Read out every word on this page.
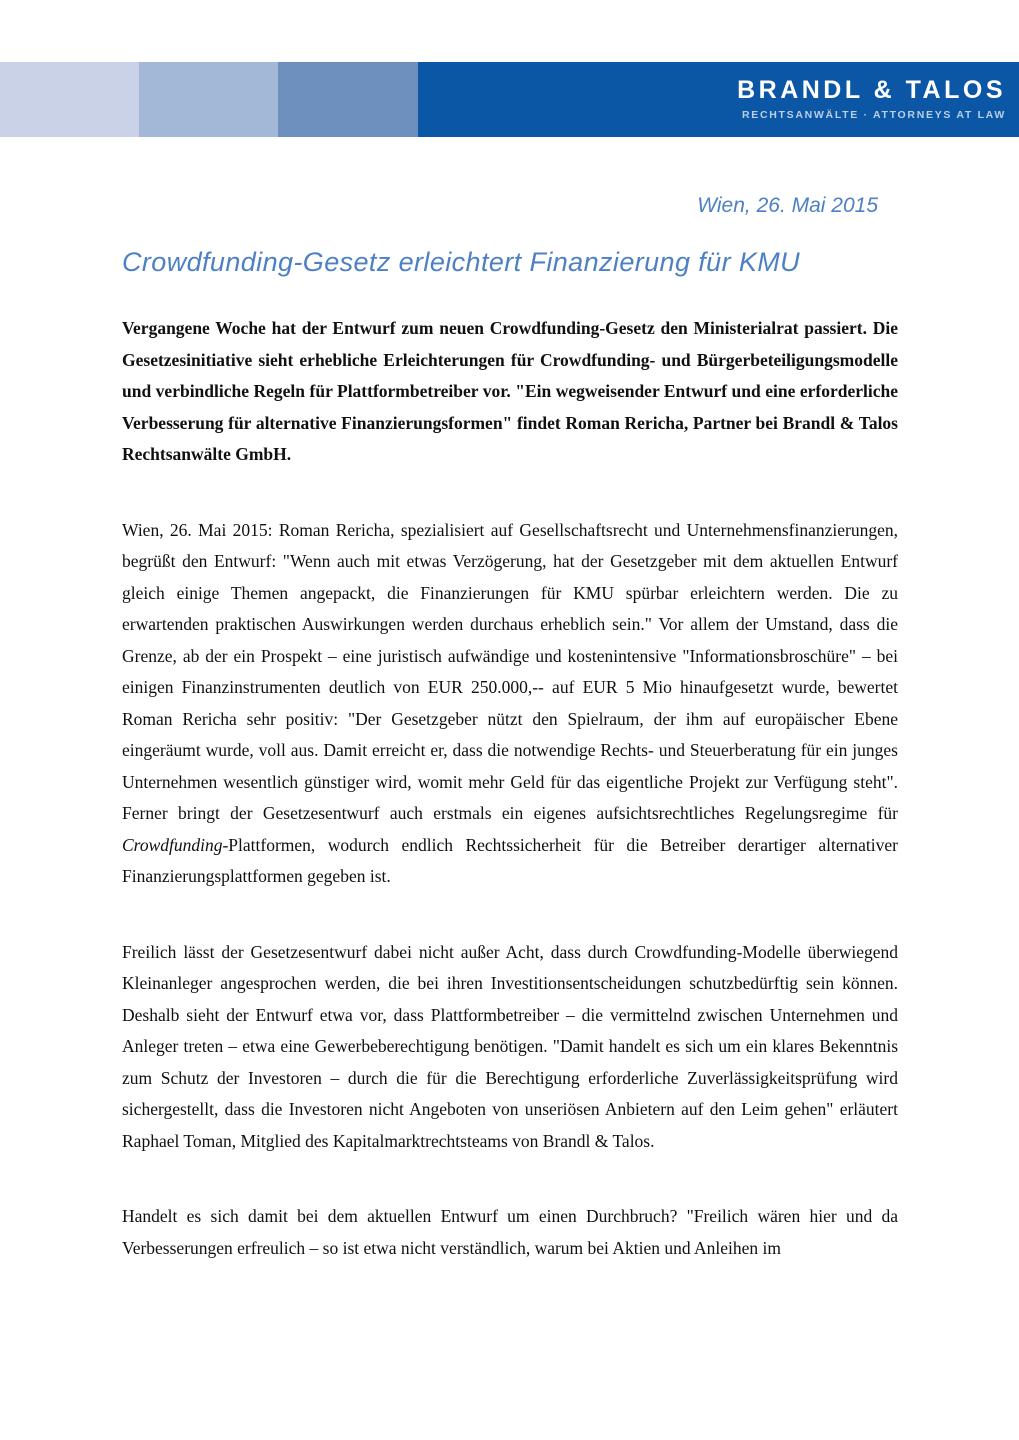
BRANDL & TALOS
RECHTSANWÄLTE · ATTORNEYS AT LAW
Wien, 26. Mai 2015
Crowdfunding-Gesetz erleichtert Finanzierung für KMU

Vergangene Woche hat der Entwurf zum neuen Crowdfunding-Gesetz den Ministerialrat passiert. Die Gesetzesinitiative sieht erhebliche Erleichterungen für Crowdfunding- und Bürgerbeteiligungsmodelle und verbindliche Regeln für Plattformbetreiber vor. "Ein wegweisender Entwurf und eine erforderliche Verbesserung für alternative Finanzierungsformen" findet Roman Rericha, Partner bei Brandl & Talos Rechtsanwälte GmbH.

Wien, 26. Mai 2015: Roman Rericha, spezialisiert auf Gesellschaftsrecht und Unternehmensfinanzierungen, begrüßt den Entwurf: "Wenn auch mit etwas Verzögerung, hat der Gesetzgeber mit dem aktuellen Entwurf gleich einige Themen angepackt, die Finanzierungen für KMU spürbar erleichtern werden. Die zu erwartenden praktischen Auswirkungen werden durchaus erheblich sein." Vor allem der Umstand, dass die Grenze, ab der ein Prospekt – eine juristisch aufwändige und kostenintensive "Informationsbroschüre" – bei einigen Finanzinstrumenten deutlich von EUR 250.000,-- auf EUR 5 Mio hinaufgesetzt wurde, bewertet Roman Rericha sehr positiv: "Der Gesetzgeber nützt den Spielraum, der ihm auf europäischer Ebene eingeräumt wurde, voll aus. Damit erreicht er, dass die notwendige Rechts- und Steuerberatung für ein junges Unternehmen wesentlich günstiger wird, womit mehr Geld für das eigentliche Projekt zur Verfügung steht". Ferner bringt der Gesetzesentwurf auch erstmals ein eigenes aufsichtsrechtliches Regelungsregime für Crowdfunding-Plattformen, wodurch endlich Rechtssicherheit für die Betreiber derartiger alternativer Finanzierungsplattformen gegeben ist.

Freilich lässt der Gesetzesentwurf dabei nicht außer Acht, dass durch Crowdfunding-Modelle überwiegend Kleinanleger angesprochen werden, die bei ihren Investitionsentscheidungen schutzbedürftig sein können. Deshalb sieht der Entwurf etwa vor, dass Plattformbetreiber – die vermittelnd zwischen Unternehmen und Anleger treten – etwa eine Gewerbeberechtigung benötigen. "Damit handelt es sich um ein klares Bekenntnis zum Schutz der Investoren – durch die für die Berechtigung erforderliche Zuverlässigkeitsprüfung wird sichergestellt, dass die Investoren nicht Angeboten von unseriösen Anbietern auf den Leim gehen" erläutert Raphael Toman, Mitglied des Kapitalmarktrechtsteams von Brandl & Talos.

Handelt es sich damit bei dem aktuellen Entwurf um einen Durchbruch? "Freilich wären hier und da Verbesserungen erfreulich – so ist etwa nicht verständlich, warum bei Aktien und Anleihen im
